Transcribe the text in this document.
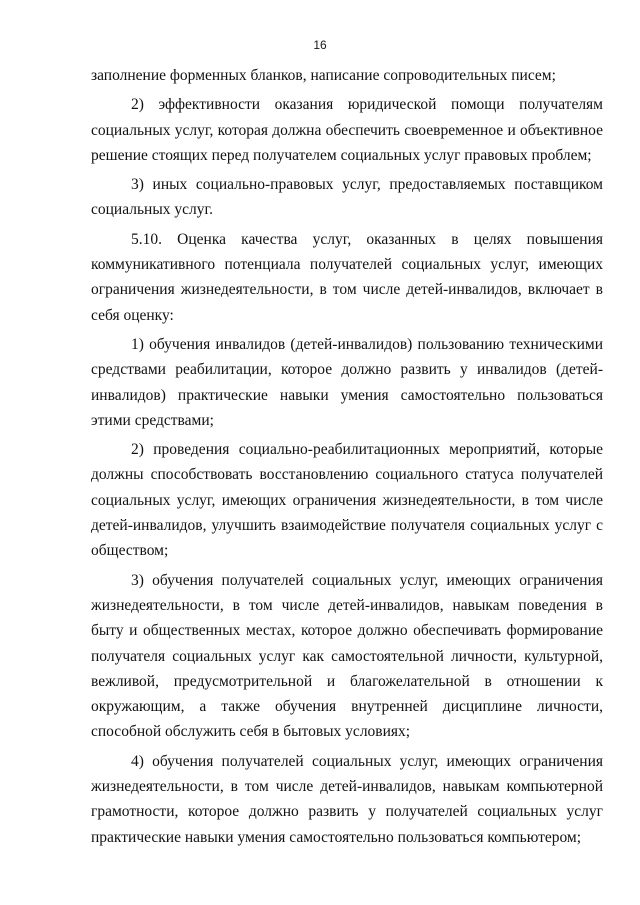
16

заполнение форменных бланков, написание сопроводительных писем;

2) эффективности оказания юридической помощи получателям социальных услуг, которая должна обеспечить своевременное и объективное решение стоящих перед получателем социальных услуг правовых проблем;

3) иных социально-правовых услуг, предоставляемых поставщиком социальных услуг.

5.10. Оценка качества услуг, оказанных в целях повышения коммуникативного потенциала получателей социальных услуг, имеющих ограничения жизнедеятельности, в том числе детей-инвалидов, включает в себя оценку:

1) обучения инвалидов (детей-инвалидов) пользованию техническими средствами реабилитации, которое должно развить у инвалидов (детей-инвалидов) практические навыки умения самостоятельно пользоваться этими средствами;

2) проведения социально-реабилитационных мероприятий, которые должны способствовать восстановлению социального статуса получателей социальных услуг, имеющих ограничения жизнедеятельности, в том числе детей-инвалидов, улучшить взаимодействие получателя социальных услуг с обществом;

3) обучения получателей социальных услуг, имеющих ограничения жизнедеятельности, в том числе детей-инвалидов, навыкам поведения в быту и общественных местах, которое должно обеспечивать формирование получателя социальных услуг как самостоятельной личности, культурной, вежливой, предусмотрительной и благожелательной в отношении к окружающим, а также обучения внутренней дисциплине личности, способной обслужить себя в бытовых условиях;

4) обучения получателей социальных услуг, имеющих ограничения жизнедеятельности, в том числе детей-инвалидов, навыкам компьютерной грамотности, которое должно развить у получателей социальных услуг практические навыки умения самостоятельно пользоваться компьютером;
